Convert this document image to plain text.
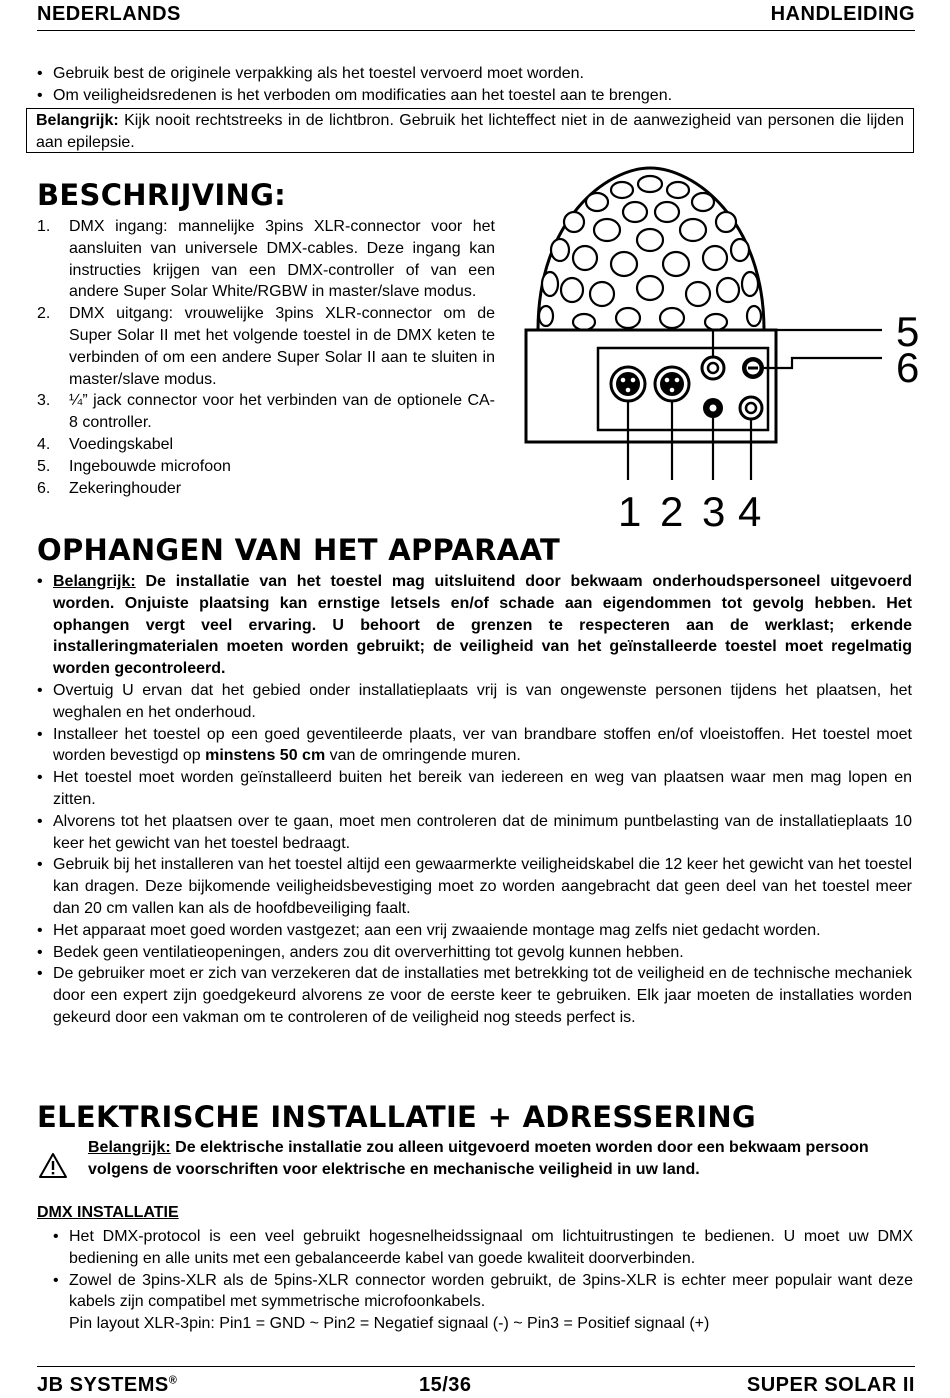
NEDERLANDS	HANDLEIDING
• Gebruik best de originele verpakking als het toestel vervoerd moet worden.
• Om veiligheidsredenen is het verboden om modificaties aan het toestel aan te brengen.
Belangrijk: Kijk nooit rechtstreeks in de lichtbron. Gebruik het lichteffect niet in de aanwezigheid van personen die lijden aan epilepsie.
BESCHRIJVING:
1. DMX ingang: mannelijke 3pins XLR-connector voor het aansluiten van universele DMX-cables. Deze ingang kan instructies krijgen van een DMX-controller of van een andere Super Solar White/RGBW in master/slave modus.
2. DMX uitgang: vrouwelijke 3pins XLR-connector om de Super Solar II met het volgende toestel in de DMX keten te verbinden of om een andere Super Solar II aan te sluiten in master/slave modus.
3. ¼” jack connector voor het verbinden van de optionele CA-8 controller.
4. Voedingskabel
5. Ingebouwde microfoon
6. Zekeringhouder	1 2 3 4
5
6
OPHANGEN VAN HET APPARAAT
• Belangrijk: De installatie van het toestel mag uitsluitend door bekwaam onderhoudspersoneel uitgevoerd worden. Onjuiste plaatsing kan ernstige letsels en/of schade aan eigendommen tot gevolg hebben. Het ophangen vergt veel ervaring. U behoort de grenzen te respecteren aan de werklast; erkende installeringmaterialen moeten worden gebruikt; de veiligheid van het geïnstalleerde toestel moet regelmatig worden gecontroleerd.
• Overtuig U ervan dat het gebied onder installatieplaats vrij is van ongewenste personen tijdens het plaatsen, het weghalen en het onderhoud.
• Installeer het toestel op een goed geventileerde plaats, ver van brandbare stoffen en/of vloeistoffen. Het toestel moet worden bevestigd op minstens 50 cm van de omringende muren.
• Het toestel moet worden geïnstalleerd buiten het bereik van iedereen en weg van plaatsen waar men mag lopen en zitten.
• Alvorens tot het plaatsen over te gaan, moet men controleren dat de minimum puntbelasting van de installatieplaats 10 keer het gewicht van het toestel bedraagt.
• Gebruik bij het installeren van het toestel altijd een gewaarmerkte veiligheidskabel die 12 keer het gewicht van het toestel kan dragen. Deze bijkomende veiligheidsbevestiging moet zo worden aangebracht dat geen deel van het toestel meer dan 20 cm vallen kan als de hoofdbeveiliging faalt.
• Het apparaat moet goed worden vastgezet; aan een vrij zwaaiende montage mag zelfs niet gedacht worden.
• Bedek geen ventilatieopeningen, anders zou dit oververhitting tot gevolg kunnen hebben.
• De gebruiker moet er zich van verzekeren dat de installaties met betrekking tot de veiligheid en de technische mechaniek door een expert zijn goedgekeurd alvorens ze voor de eerste keer te gebruiken. Elk jaar moeten de installaties worden gekeurd door een vakman om te controleren of de veiligheid nog steeds perfect is.
ELEKTRISCHE INSTALLATIE + ADRESSERING
Belangrijk: De elektrische installatie zou alleen uitgevoerd moeten worden door een bekwaam persoon volgens de voorschriften voor elektrische en mechanische veiligheid in uw land.
DMX INSTALLATIE
• Het DMX-protocol is een veel gebruikt hogesnelheidssignaal om lichtuitrustingen te bedienen. U moet uw DMX bediening en alle units met een gebalanceerde kabel van goede kwaliteit doorverbinden.
• Zowel de 3pins-XLR als de 5pins-XLR connector worden gebruikt, de 3pins-XLR is echter meer populair want deze kabels zijn compatibel met symmetrische microfoonkabels.
Pin layout XLR-3pin: Pin1 = GND ~ Pin2 = Negatief signaal (-) ~ Pin3 = Positief signaal (+)
JB SYSTEMS®	15/36	SUPER SOLAR II
